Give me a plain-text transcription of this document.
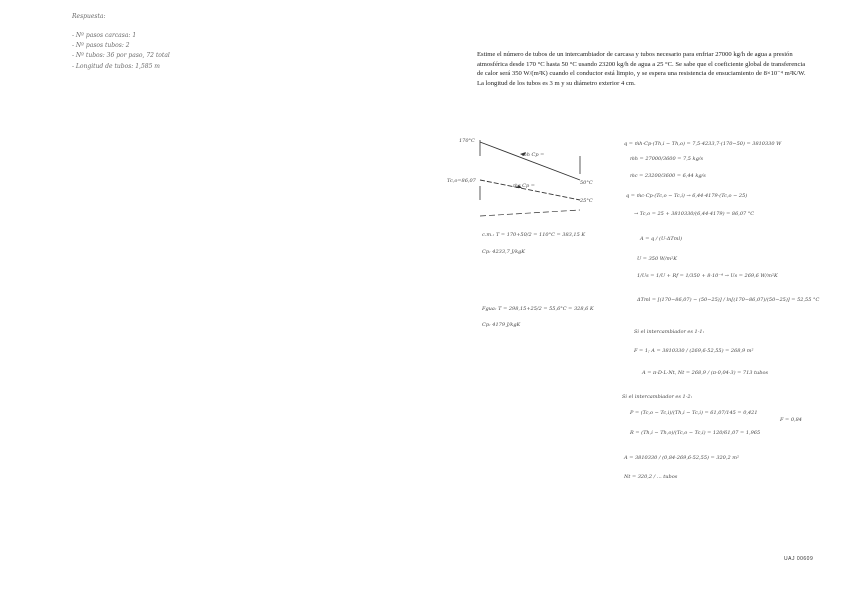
Respuesta:
- Nº pasos carcasa: 1
- Nº pasos tubos: 2
- Nº tubos: 36 por paso, 72 total
- Longitud de tubos: 1,585 m

Estime el número de tubos de un intercambiador de carcasa y tubos necesario para enfriar 27000 kg/h de agua a presión atmosférica desde 170 °C hasta 50 °C usando 23200 kg/h de agua a 25 °C. Se sabe que el coeficiente global de transferencia de calor será 350 W/(m²K) cuando el conductor está limpio, y se espera una resistencia de ensuciamiento de 8×10⁻⁴ m²K/W. La longitud de los tubos es 3 m y su diámetro exterior 4 cm.

170°C
50°C
25°C
Tc,o=86,07
ṁh Cp =
ṁc Cp =
c.m.: T = 170+50/2 = 110°C = 383,15 K
Cp: 4233,7 J/kgK
Fgua: T = 298,15+25/2 = 55,6°C = 328,6 K
Cp: 4179 J/kgK
q = ṁh·Cp·(Th,i − Th,o) = 7,5·4233,7·(170−50) = 3810330 W
ṁh = 27000/3600 = 7,5 kg/s
ṁc = 23200/3600 = 6,44 kg/s
q = ṁc·Cp·(Tc,o − Tc,i) → 6,44·4179·(Tc,o − 25)
→ Tc,o = 25 + 3810330/(6,44·4179) = 86,07 °C
A = q / (U·ΔTml)
U = 350 W/m²K
1/Us = 1/U + Rf = 1/350 + 8·10⁻⁴ → Us = 269,6 W/m²K
ΔTml = [(170−86,07) − (50−25)] / ln[(170−86,07)/(50−25)] = 52,55 °C
Si el intercambiador es 1-1:
F = 1; A = 3810330 / (269,6·52,55) = 268,9 m²
A = π·D·L·Nt, Nt = 268,9 / (π·0,04·3) = 713 tubos
Si el intercambiador es 1-2:
P = (Tc,o − Tc,i)/(Th,i − Tc,i) = 61,07/145 = 0,421
R = (Th,i − Th,o)/(Tc,o − Tc,i) = 120/61,07 = 1,965
F = 0,84
A = 3810330 / (0,84·269,6·52,55) = 320,2 m²
Nt = 320,2 / ... tubos
UAJ 00609
